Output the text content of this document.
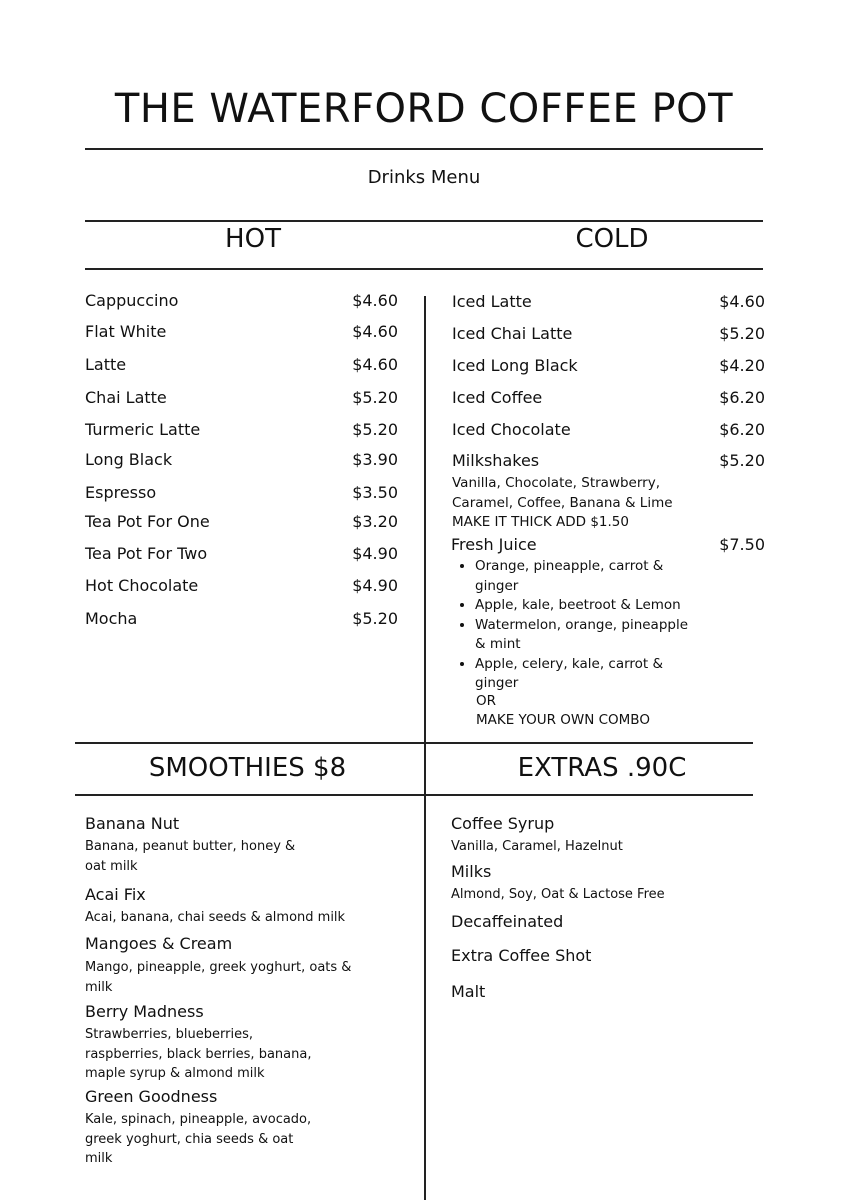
THE WATERFORD COFFEE POT
Drinks Menu
HOT	COLD
Cappuccino	$4.60
Flat White	$4.60
Latte	$4.60
Chai Latte	$5.20
Turmeric Latte	$5.20
Long Black	$3.90
Espresso	$3.50
Tea Pot For One	$3.20
Tea Pot For Two	$4.90
Hot Chocolate	$4.90
Mocha	$5.20
Iced Latte	$4.60
Iced Chai Latte	$5.20
Iced Long Black	$4.20
Iced Coffee	$6.20
Iced Chocolate	$6.20
Milkshakes	$5.20
Vanilla, Chocolate, Strawberry,
Caramel, Coffee, Banana & Lime
MAKE IT THICK ADD $1.50
Fresh Juice	$7.50
• Orange, pineapple, carrot &
ginger
• Apple, kale, beetroot & Lemon
• Watermelon, orange, pineapple
& mint
• Apple, celery, kale, carrot &
ginger
OR
MAKE YOUR OWN COMBO
SMOOTHIES $8	EXTRAS .90C
Banana Nut
Banana, peanut butter, honey &
oat milk
Acai Fix
Acai, banana, chai seeds & almond milk
Mangoes & Cream
Mango, pineapple, greek yoghurt, oats &
milk
Berry Madness
Strawberries, blueberries,
raspberries, black berries, banana,
maple syrup & almond milk
Green Goodness
Kale, spinach, pineapple, avocado,
greek yoghurt, chia seeds & oat
milk
Coffee Syrup
Vanilla, Caramel, Hazelnut
Milks
Almond, Soy, Oat & Lactose Free
Decaffeinated
Extra Coffee Shot
Malt
